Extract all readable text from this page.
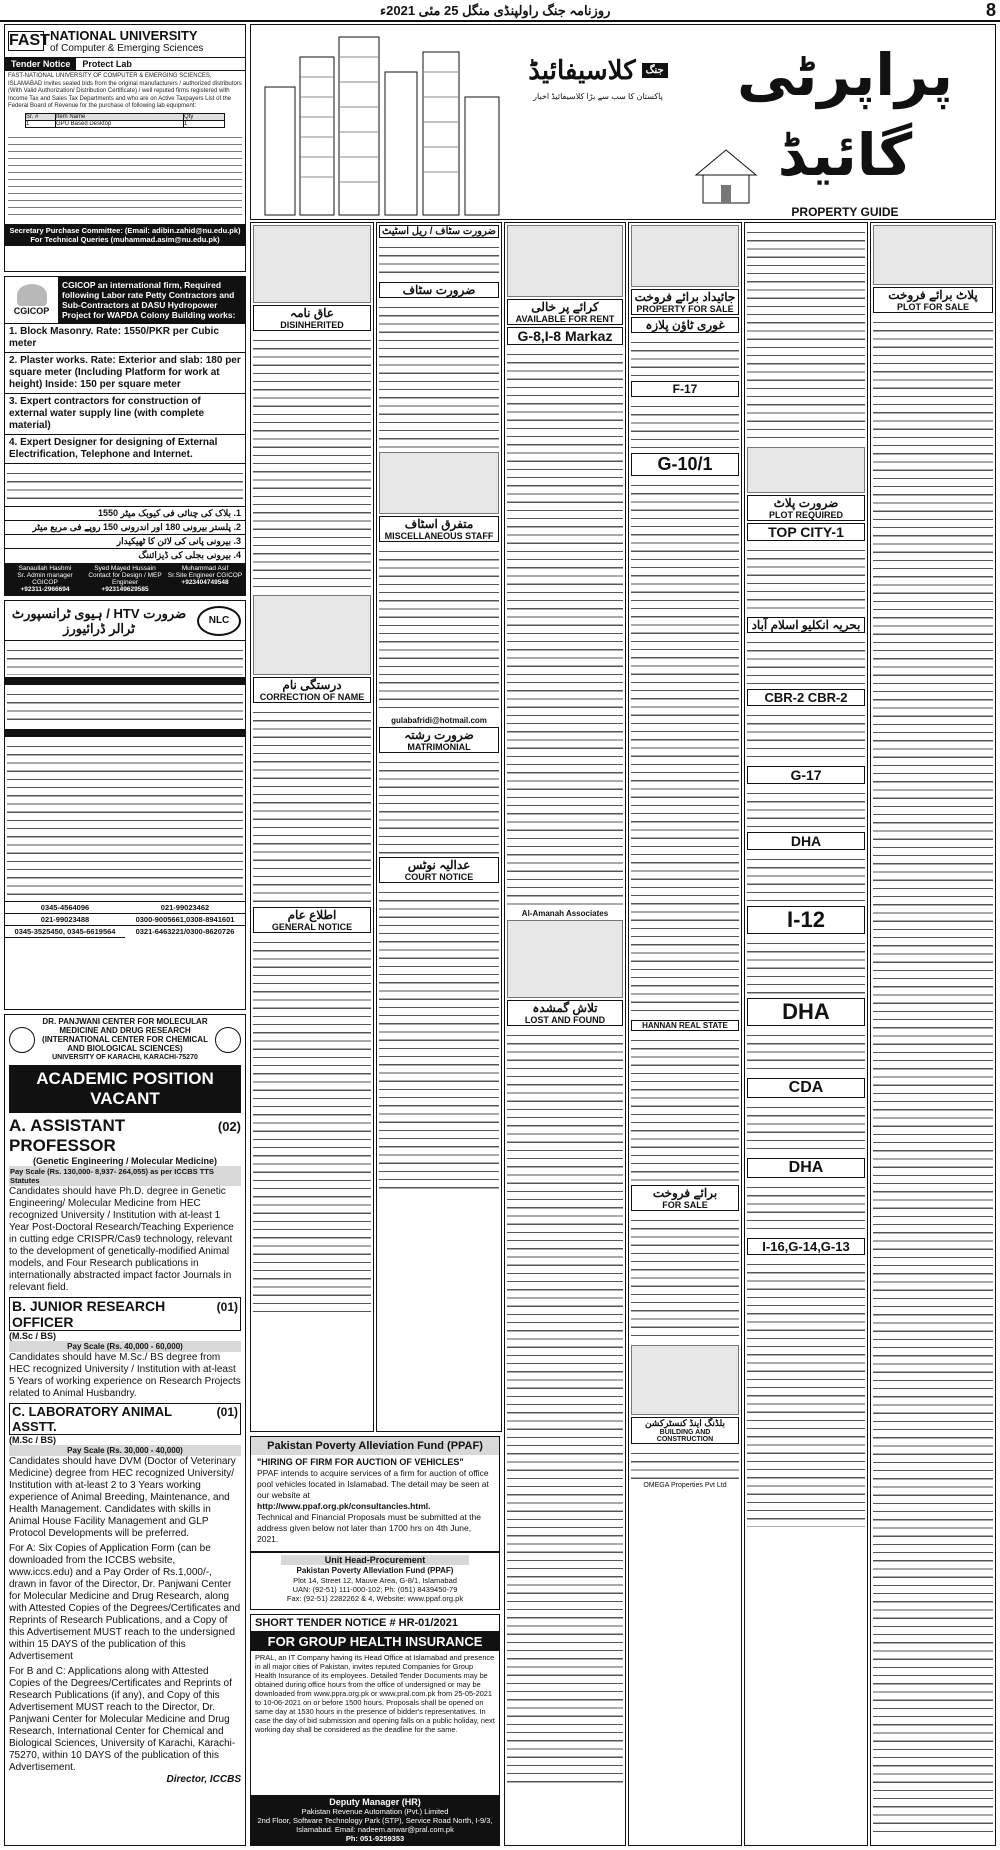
روزنامہ جنگ راولپنڈی منگل 25 مئی 2021ء	8
FAST NATIONAL UNIVERSITY
of Computer & Emerging Sciences
Tender Notice	Protect Lab
FAST-NATIONAL UNIVERSITY OF COMPUTER & EMERGING SCIENCES, ISLAMABAD invites sealed bids from the original manufacturers / authorized distributors (With Valid Authorization/ Distribution Certificate) / well reputed firms registered with Income Tax and Sales Tax Departments and who are on Active Taxpayers List of the Federal Board of Revenue for the purchase of following lab equipment:
Sr. #	Item Name	Qty
1	GPU Based Desktop	1
Secretary Purchase Committee: (Email: adibin.zahid@nu.edu.pk)
For Technical Queries (muhammad.asim@nu.edu.pk)
CGICOP
CGICOP an international firm, Required following Labor rate Petty Contractors and Sub-Contractors at DASU Hydropower Project for WAPDA Colony Building works:
1. Block Masonry. Rate: 1550/PKR per Cubic meter
2. Plaster works. Rate: Exterior and slab: 180 per square meter (Including Platform for work at height) Inside: 150 per square meter
3. Expert contractors for construction of external water supply line (with complete material)
4. Expert Designer for designing of External Electrification, Telephone and Internet.
1. بلاک کی چنائی فی کیوبک میٹر 1550
2. پلستر بیرونی 180 اور اندرونی 150 روپے فی مربع میٹر
3. بیرونی پانی کی لائن کا ٹھیکیدار
4. بیرونی بجلی کی ڈیزائننگ
Sanaullah Hashmi
Sr. Admin manager CGICOP
+92311-2966694
Syed Mayed Hussain
Contact for Design / MEP Engineer
+923149629585
Muhammad Asif
Sr.Site Engineer CGICOP
+923404749548
ضرورت HTV / ہیوی ٹرانسپورٹ ٹرالر ڈرائیورز
NLC
0345-4564096	021-99023462
021-99023488	0300-9005661,0308-8941601
0345-3525450, 0345-6619564	0321-6463221/0300-8620726
DR. PANJWANI CENTER FOR MOLECULAR MEDICINE AND DRUG RESEARCH
(INTERNATIONAL CENTER FOR CHEMICAL AND BIOLOGICAL SCIENCES)
UNIVERSITY OF KARACHI, KARACHI-75270
ACADEMIC POSITION VACANT
A. ASSISTANT PROFESSOR
(02)
(Genetic Engineering / Molecular Medicine)
Pay Scale (Rs. 130,000- 8,937- 264,055) as per ICCBS TTS Statutes

Candidates should have Ph.D. degree in Genetic Engineering/ Molecular Medicine from HEC recognized University / Institution with at-least 1 Year Post-Doctoral Research/Teaching Experience in cutting edge CRISPR/Cas9 technology, relevant to the development of genetically-modified Animal models, and Four Research publications in internationally abstracted impact factor Journals in relevant field.

B. JUNIOR RESEARCH OFFICER
(01)
(M.Sc / BS)
Pay Scale (Rs. 40,000 - 60,000)

Candidates should have M.Sc./ BS degree from HEC recognized University / Institution with at-least 5 Years of working experience on Research Projects related to Animal Husbandry.

C. LABORATORY ANIMAL ASSTT.
(01)
(M.Sc / BS)
Pay Scale (Rs. 30,000 - 40,000)

Candidates should have DVM (Doctor of Veterinary Medicine) degree from HEC recognized University/ Institution with at-least 2 to 3 Years working experience of Animal Breeding, Maintenance, and Health Management. Candidates with skills in Animal House Facility Management and GLP Protocol Developments will be preferred.

For A: Six Copies of Application Form (can be downloaded from the ICCBS website, www.iccs.edu) and a Pay Order of Rs.1,000/-, drawn in favor of the Director, Dr. Panjwani Center for Molecular Medicine and Drug Research, along with Attested Copies of the Degrees/Certificates and Reprints of Research Publications, and a Copy of this Advertisement MUST reach to the undersigned within 15 DAYS of the publication of this Advertisement

For B and C: Applications along with Attested Copies of the Degrees/Certificates and Reprints of Research Publications (if any), and Copy of this Advertisement MUST reach to the Director, Dr. Panjwani Center for Molecular Medicine and Drug Research, International Center for Chemical and Biological Sciences, University of Karachi, Karachi-75270, within 10 DAYS of the publication of this Advertisement.

Director, ICCBS
کلاسیفائیڈ	جنگ
پاکستان کا سب سے بڑا کلاسیفائیڈ اخبار	پراپرٹی گائیڈ
PROPERTY GUIDE
پلاٹ برائے فروخت
PLOT FOR SALE
ضرورت پلاٹ
PLOT REQUIRED
TOP CITY-1
بحریہ انکلیو اسلام آباد
CBR-2 CBR-2
G-17
DHA
I-12
DHA
CDA
DHA
I-16,G-14,G-13
جائیداد برائے فروخت
PROPERTY FOR SALE
غوری ٹاؤن پلازہ
F-17
G-10/1
HANNAN REAL STATE
برائے فروخت
FOR SALE
بلڈنگ اینڈ کنسٹرکشن
BUILDING AND CONSTRUCTION
OMEGA Properties Pvt Ltd
کرائے پر خالی
AVAILABLE FOR RENT
G-8,I-8 Markaz
Al-Amanah Associates
تلاش گمشدہ
LOST AND FOUND
ضرورت سٹاف / ریل اسٹیٹ
ضرورت سٹاف
متفرق اسٹاف
MISCELLANEOUS STAFF
gulabafridi@hotmail.com
ضرورت رشتہ
MATRIMONIAL
عدالیہ نوٹس
COURT NOTICE
عاق نامہ
DISINHERITED
درستگی نام
CORRECTION OF NAME
اطلاع عام
GENERAL NOTICE
Pakistan Poverty Alleviation Fund (PPAF)

"HIRING OF FIRM FOR AUCTION OF VEHICLES"

PPAF intends to acquire services of a firm for auction of office pool vehicles located in Islamabad. The detail may be seen at our website at

http://www.ppaf.org.pk/consultancies.html.

Technical and Financial Proposals must be submitted at the address given below not later than 1700 hrs on 4th June, 2021.

Unit Head-Procurement

Pakistan Poverty Alleviation Fund (PPAF)

Plot 14, Street 12, Mauve Area, G-8/1, Islamabad

UAN: (92-51) 111-000-102; Ph: (051) 8439450-79

Fax: (92-51) 2282262 & 4, Website: www.ppaf.org.pk

SHORT TENDER NOTICE # HR-01/2021
FOR GROUP HEALTH INSURANCE
PRAL, an IT Company having its Head Office at Islamabad and presence in all major cities of Pakistan, invites reputed Companies for Group Health Insurance of its employees. Detailed Tender Documents may be obtained during office hours from the office of undersigned or may be downloaded from www.ppra.org.pk or www.pral.com.pk from 25-05-2021 to 10-06-2021 on or before 1500 hours. Proposals shall be opened on same day at 1530 hours in the presence of bidder's representatives. In case the day of bid submission and opening falls on a public holiday, next working day shall be considered as the deadline for the same.
Deputy Manager (HR)
Pakistan Revenue Automation (Pvt.) Limited
2nd Floor, Software Technology Park (STP), Service Road North, I-9/3, Islamabad. Email: nadeem.anwar@pral.com.pk
Ph: 051-9259353
